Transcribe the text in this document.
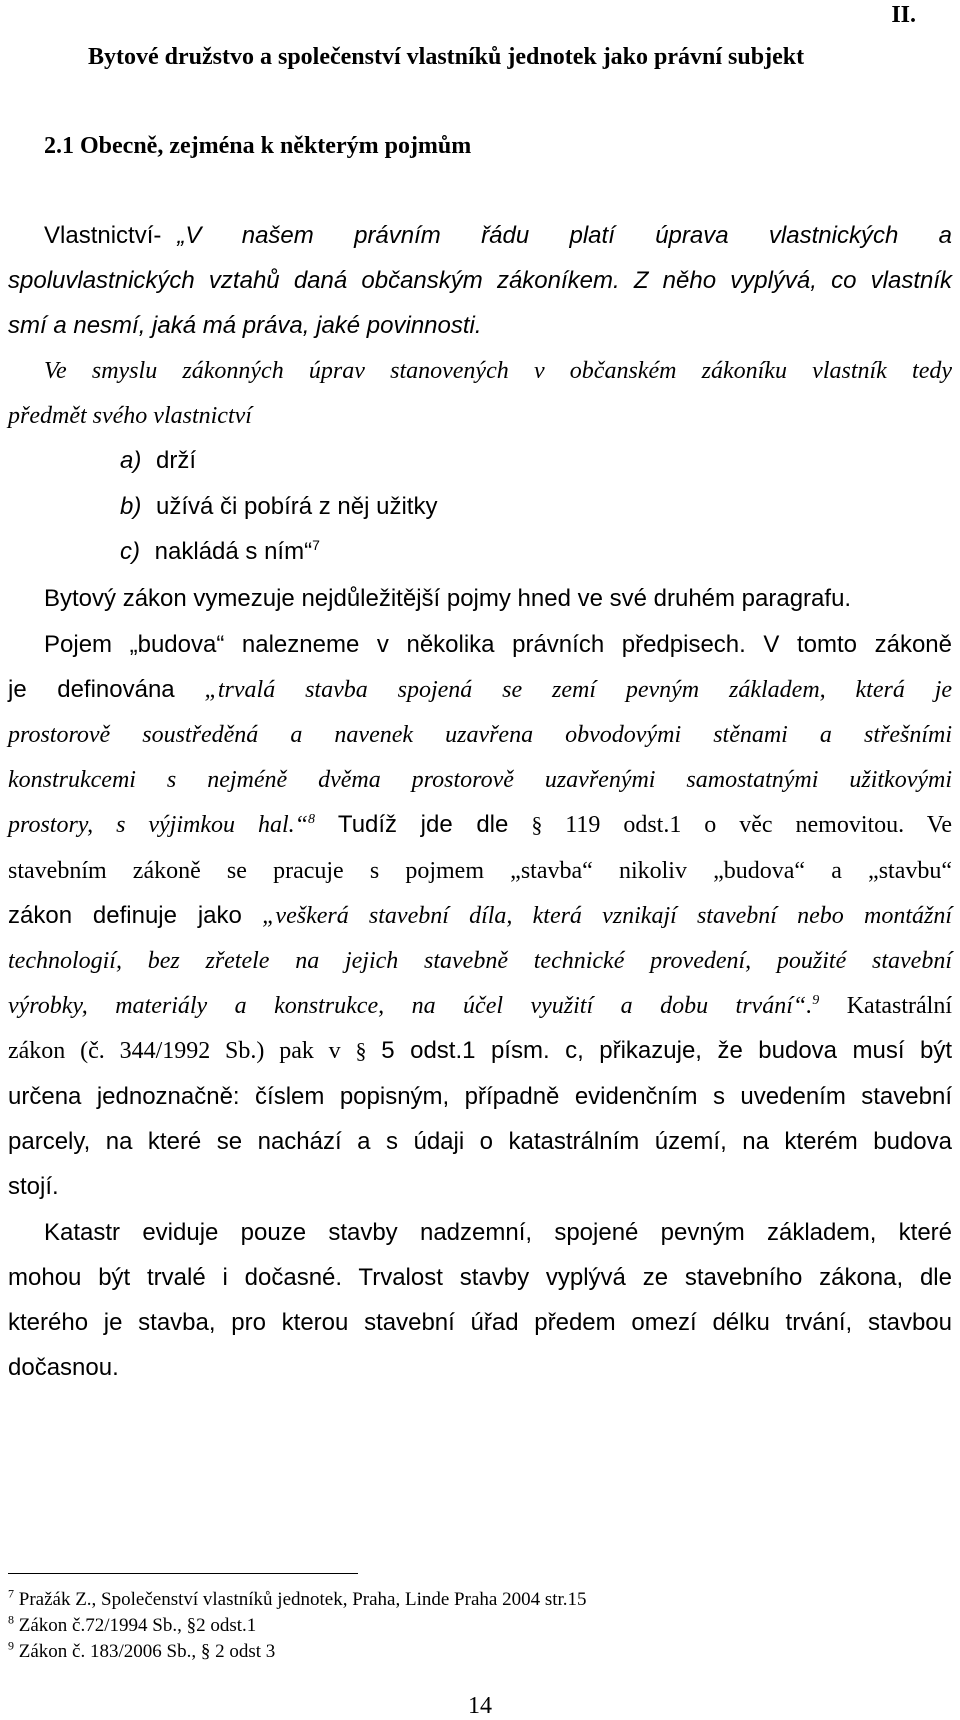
II.
Bytové družstvo a společenství vlastníků jednotek jako právní subjekt
2.1 Obecně, zejména k některým pojmům
Vlastnictví- „V našem právním řádu platí úprava vlastnických a
spoluvlastnických vztahů daná občanským zákoníkem. Z něho vyplývá, co vlastník
smí a nesmí, jaká má práva, jaké povinnosti.
Ve smyslu zákonných úprav stanovených v občanském zákoníku vlastník tedy
předmět svého vlastnictví
a) drží
b) užívá či pobírá z něj užitky
c) nakládá s ním“$^7$
Bytový zákon vymezuje nejdůležitější pojmy hned ve své druhém paragrafu.
Pojem „budova“ nalezneme v několika právních předpisech. V tomto zákoně
je definována „trvalá stavba spojená se zemí pevným základem, která je
prostorově soustředěná a navenek uzavřena obvodovými stěnami a střešními
konstrukcemi s nejméně dvěma prostorově uzavřenými samostatnými užitkovými
prostory, s výjimkou hal.“$^8$ Tudíž jde dle § 119 odst.1 o věc nemovitou. Ve
stavebním zákoně se pracuje s pojmem „stavba“ nikoliv „budova“ a „stavbu“
zákon definuje jako „veškerá stavební díla, která vznikají stavební nebo montážní
technologií, bez zřetele na jejich stavebně technické provedení, použité stavební
výrobky, materiály a konstrukce, na účel využití a dobu trvání“.$^9$ Katastrální
zákon (č. 344/1992 Sb.) pak v § 5 odst.1 písm. c, přikazuje, že budova musí být
určena jednoznačně: číslem popisným, případně evidenčním s uvedením stavební
parcely, na které se nachází a s údaji o katastrálním území, na kterém budova
stojí.
Katastr eviduje pouze stavby nadzemní, spojené pevným základem, které
mohou být trvalé i dočasné. Trvalost stavby vyplývá ze stavebního zákona, dle
kterého je stavba, pro kterou stavební úřad předem omezí délku trvání, stavbou
dočasnou.
$^7$ Pražák Z., Společenství vlastníků jednotek, Praha, Linde Praha 2004 str.15
$^8$ Zákon č.72/1994 Sb., §2 odst.1
$^9$ Zákon č. 183/2006 Sb., § 2 odst 3
14
